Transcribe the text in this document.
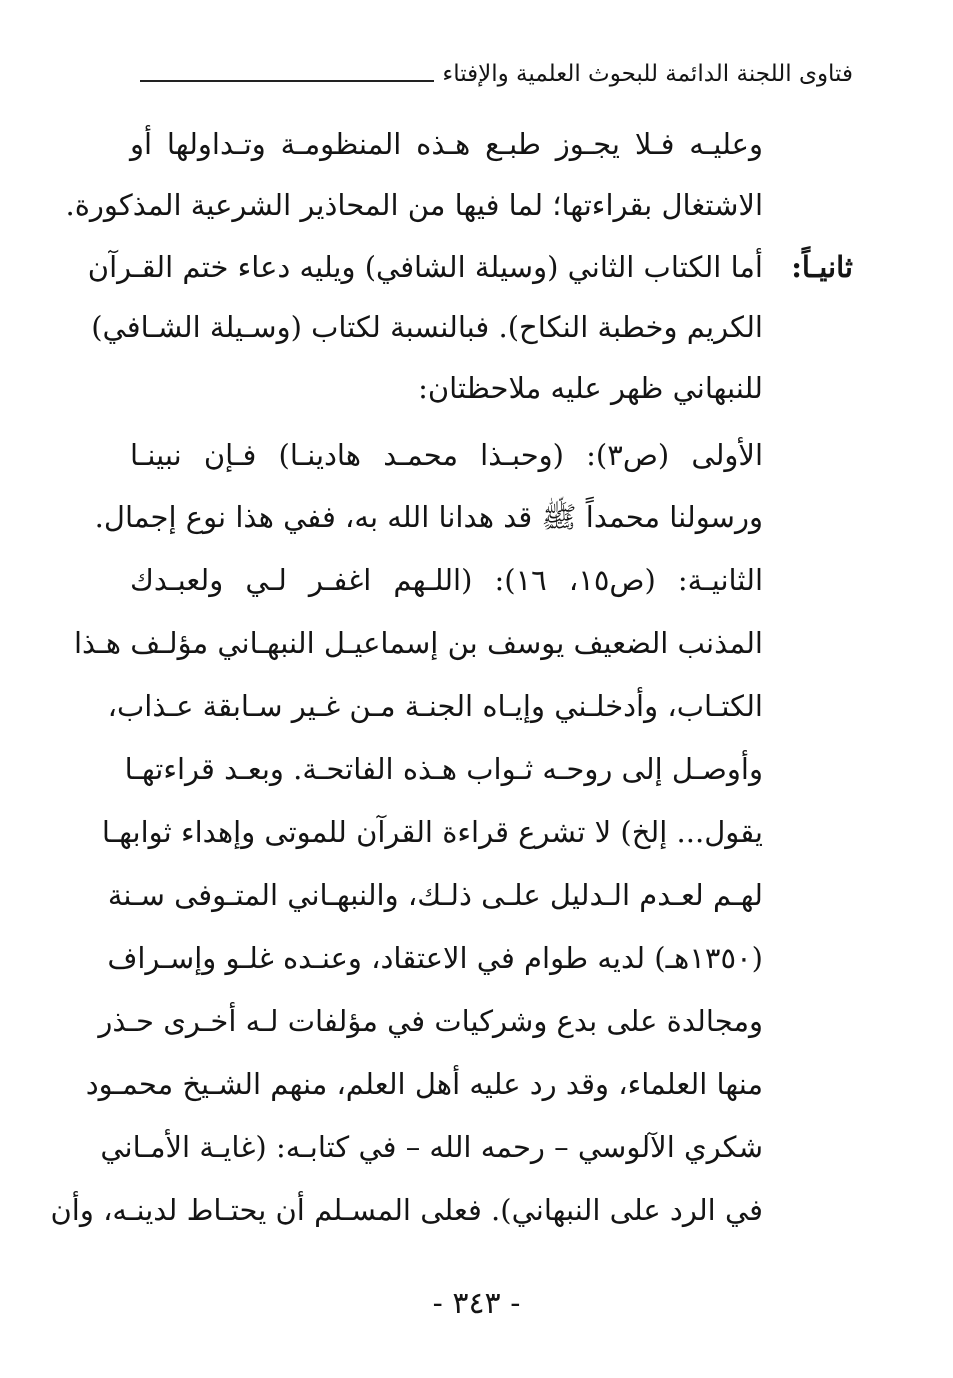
فتاوى اللجنة الدائمة للبحوث العلمية والإفتاء
وعليـه فـلا يجـوز طبـع هـذه المنظومـة وتـداولها أو
الاشتغال بقراءتها؛ لما فيها من المحاذير الشرعية المذكورة.
ثانيـاً:
أما الكتاب الثاني (وسيلة الشافي) ويليه دعاء ختم القـرآن
الكريم وخطبة النكاح). فبالنسبة لكتاب (وسـيلة الشـافي)
للنبهاني ظهر عليه ملاحظتان:
الأولى (ص٣): (وحبـذا محمـد هادينـا) فـإن نبينـا
ورسولنا محمداً ﷺ قد هدانا الله به، ففي هذا نوع إجمال.
الثانيـة: (ص١٥، ١٦): (اللـهم اغفـر لـي ولعبـدك
المذنب الضعيف يوسف بن إسماعيـل النبهـاني مؤلـف هـذا
الكتـاب، وأدخلـني وإيـاه الجنـة مـن غـير سـابقة عـذاب،
وأوصـل إلى روحـه ثـواب هـذه الفاتحـة. وبعـد قراءتهـا
يقول... إلخ) لا تشرع قراءة القرآن للموتى وإهداء ثوابهـا
لهـم لعـدم الـدليل علـى ذلـك، والنبهـاني المتـوفى سـنة
(١٣٥٠هـ) لديه طوام في الاعتقاد، وعنـده غلـو وإسـراف
ومجالدة على بدع وشركيات في مؤلفات لـه أخـرى حـذر
منها العلماء، وقد رد عليه أهل العلم، منهم الشـيخ محمـود
شكري الآلوسي – رحمه الله – في كتابـه: (غايـة الأمـاني
في الرد على النبهاني). فعلى المسـلم أن يحتـاط لدينـه، وأن
- ٣٤٣ -
